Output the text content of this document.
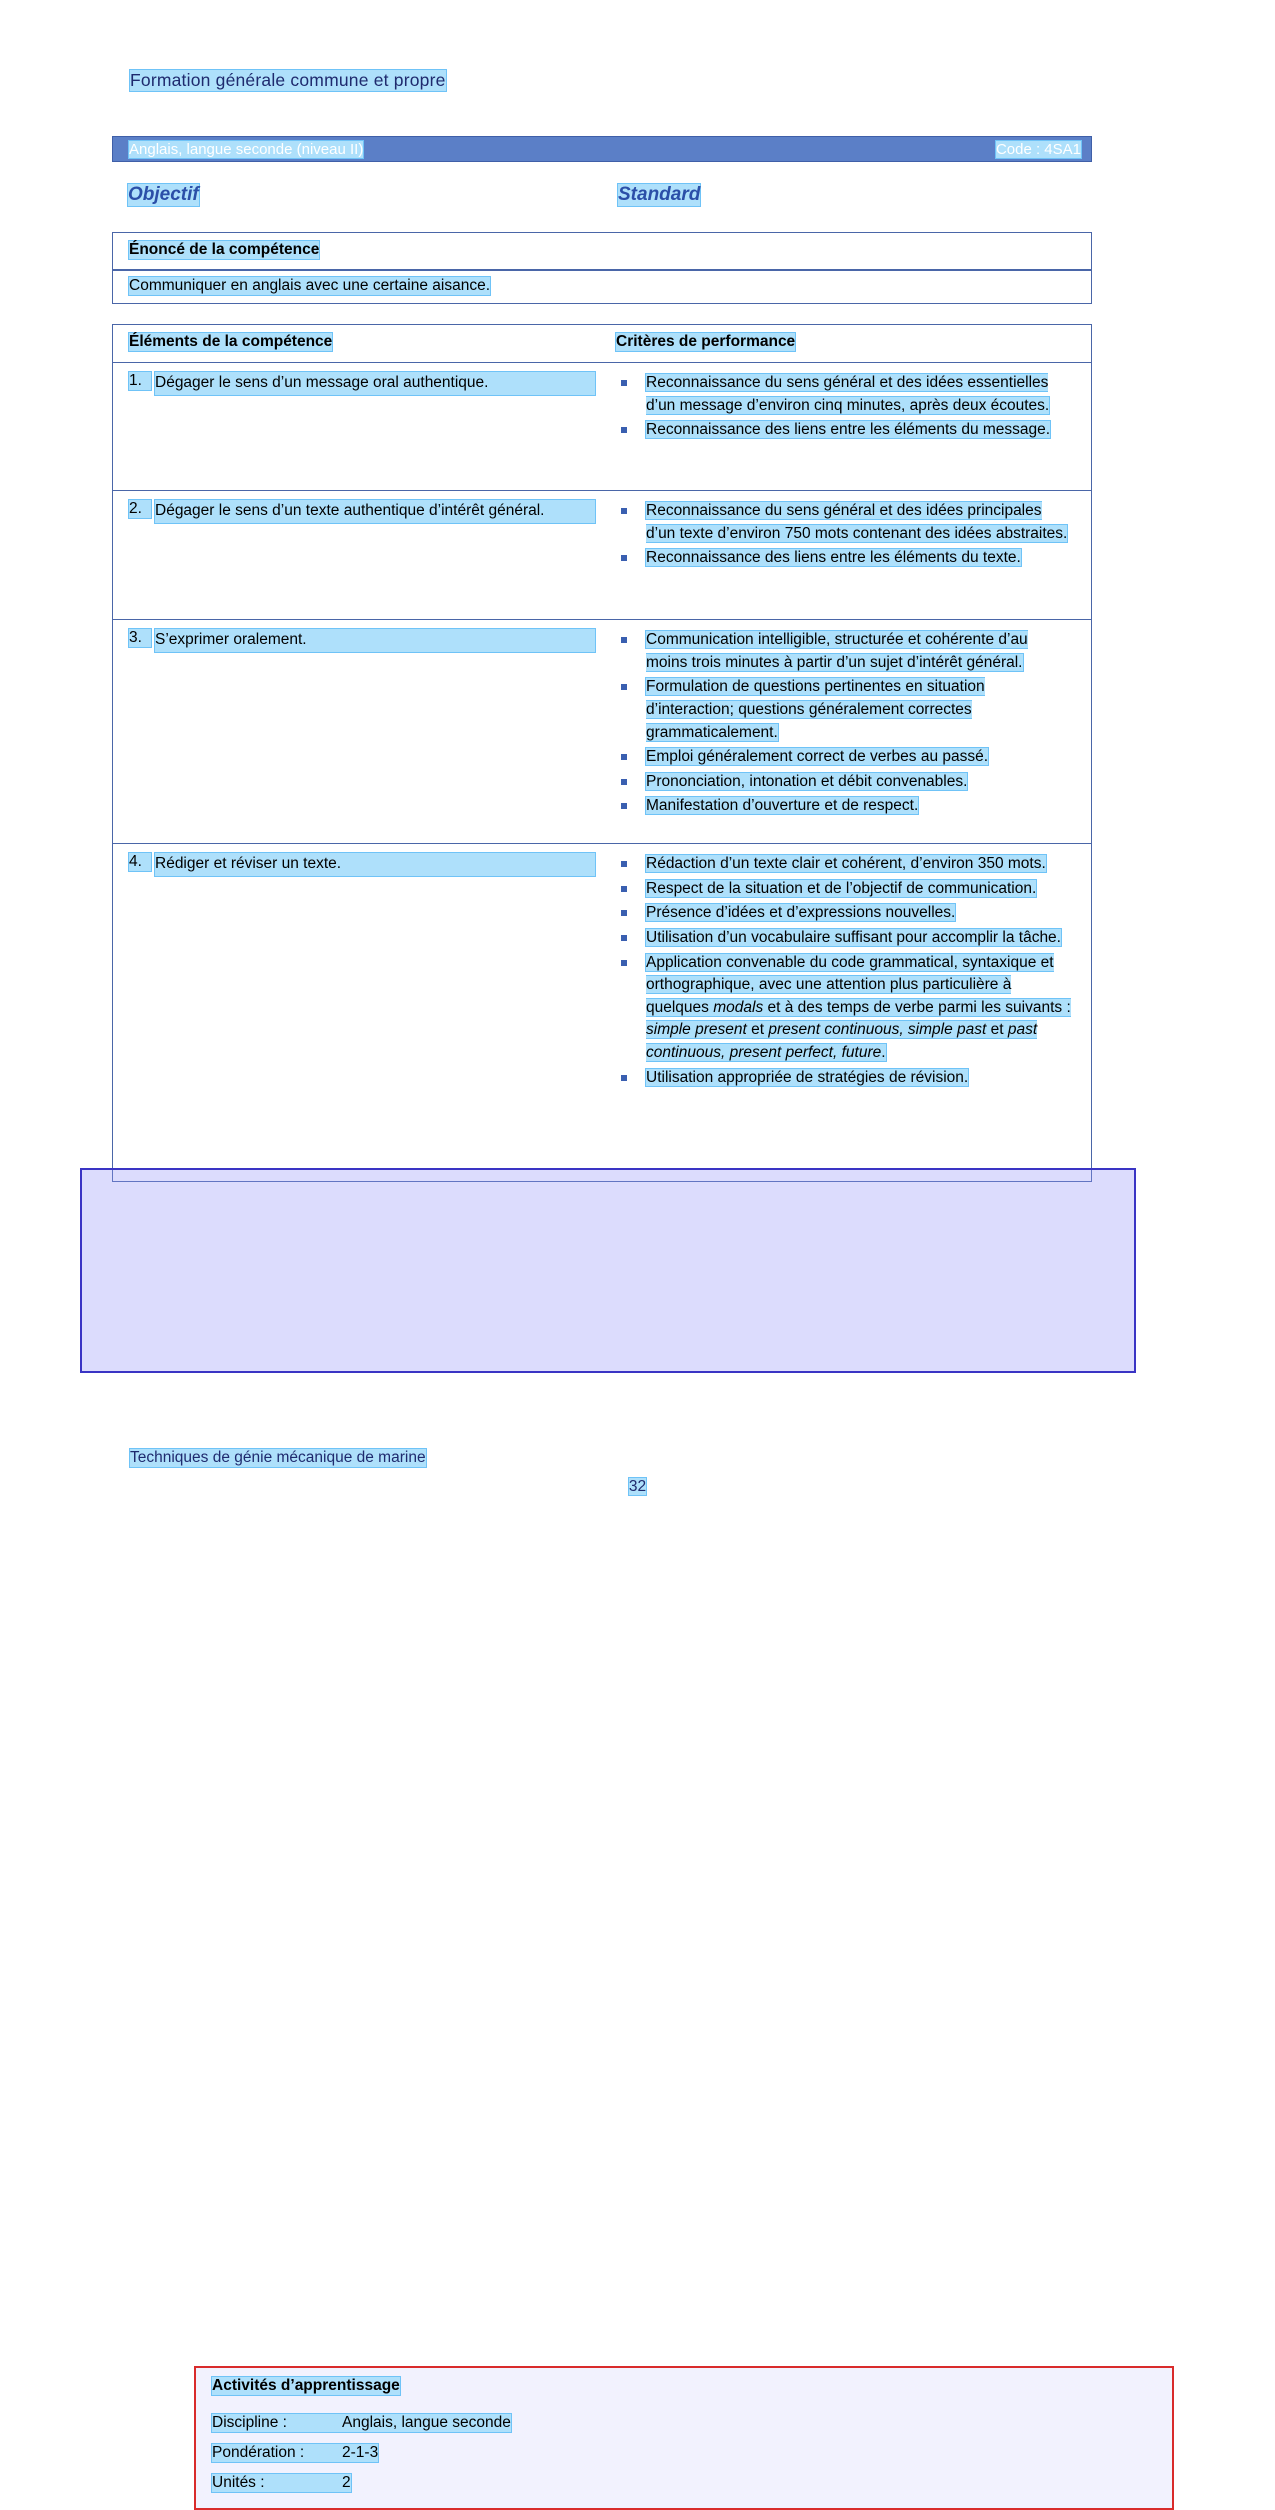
Formation générale commune et propre
Anglais, langue seconde (niveau II)	Code : 4SA1
Objectif	Standard
Énoncé de la compétence
Communiquer en anglais avec une certaine aisance.
Éléments de la compétence	Critères de performance
1. Dégager le sens d’un message oral authentique.	Reconnaissance du sens général et des idées essentielles d’un message d’environ cinq minutes, après deux écoutes.
Reconnaissance des liens entre les éléments du message.
2. Dégager le sens d’un texte authentique d’intérêt général.	Reconnaissance du sens général et des idées principales d’un texte d’environ 750 mots contenant des idées abstraites.
Reconnaissance des liens entre les éléments du texte.
3. S’exprimer oralement.	Communication intelligible, structurée et cohérente d’au moins trois minutes à partir d’un sujet d’intérêt général.
Formulation de questions pertinentes en situation d’interaction; questions généralement correctes grammaticalement.
Emploi généralement correct de verbes au passé.
Prononciation, intonation et débit convenables.
Manifestation d’ouverture et de respect.
4. Rédiger et réviser un texte.	Rédaction d’un texte clair et cohérent, d’environ 350 mots.
Respect de la situation et de l’objectif de communication.
Présence d’idées et d’expressions nouvelles.
Utilisation d’un vocabulaire suffisant pour accomplir la tâche.
Application convenable du code grammatical, syntaxique et orthographique, avec une attention plus particulière à quelques modals et à des temps de verbe parmi les suivants : simple present et present continuous, simple past et past continuous, present perfect, future.
Utilisation appropriée de stratégies de révision.
Activités d’apprentissage
Discipline :	Anglais, langue seconde
Pondération : 2-1-3
Unités :	2
Techniques de génie mécanique de marine
32
